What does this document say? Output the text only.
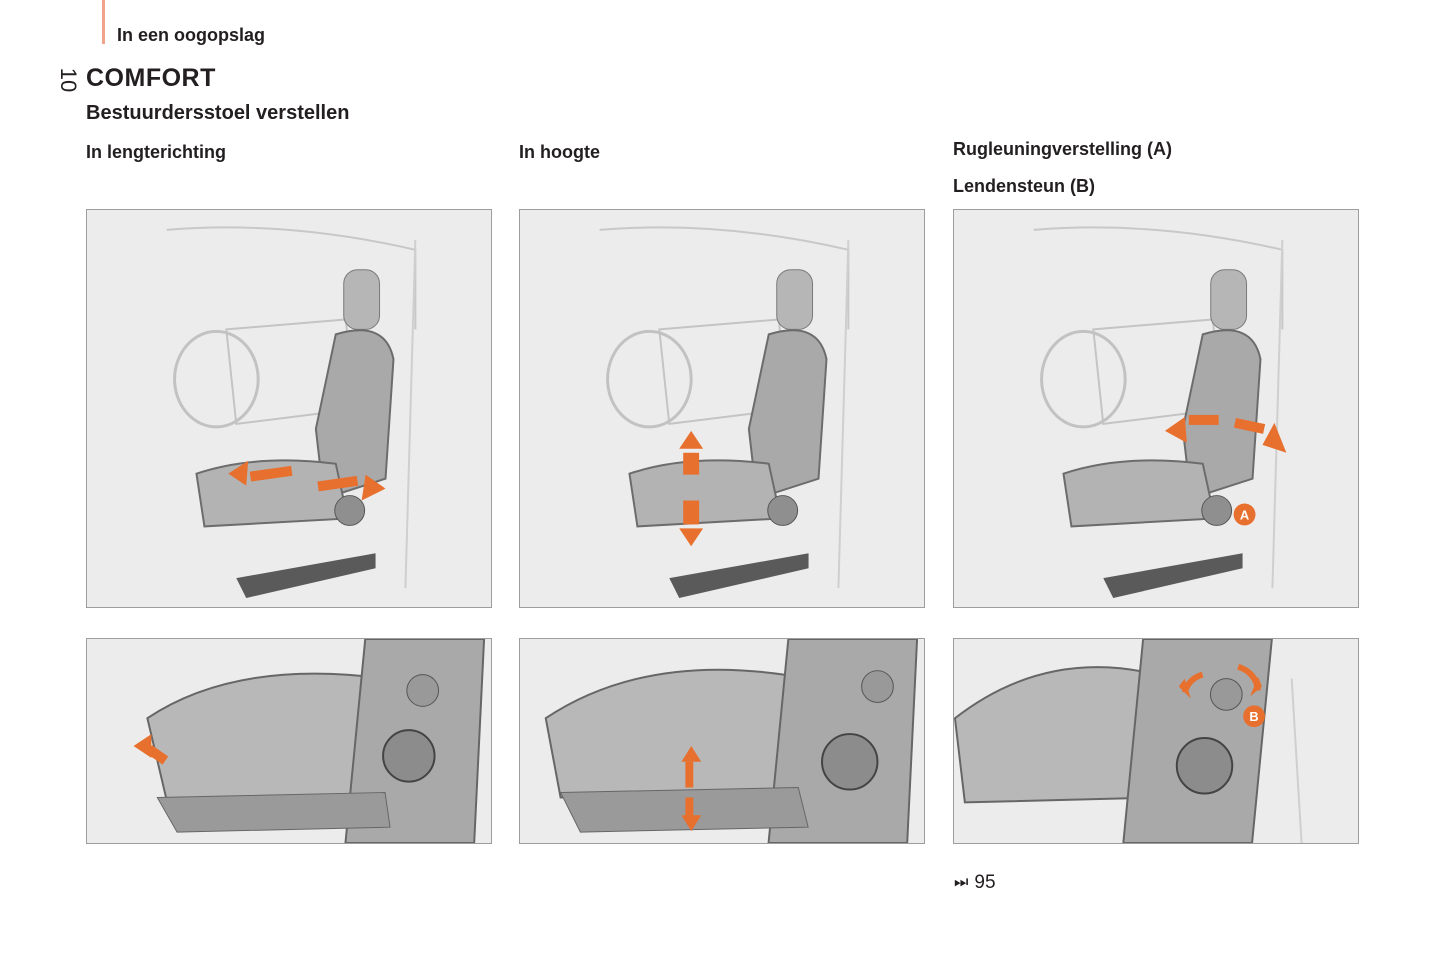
In een oogopslag
10 COMFORT
Bestuurdersstoel verstellen
In lengterichting	In hoogte	Rugleuningverstelling (A)
Lendensteun (B)
A
B
⏭ 95
